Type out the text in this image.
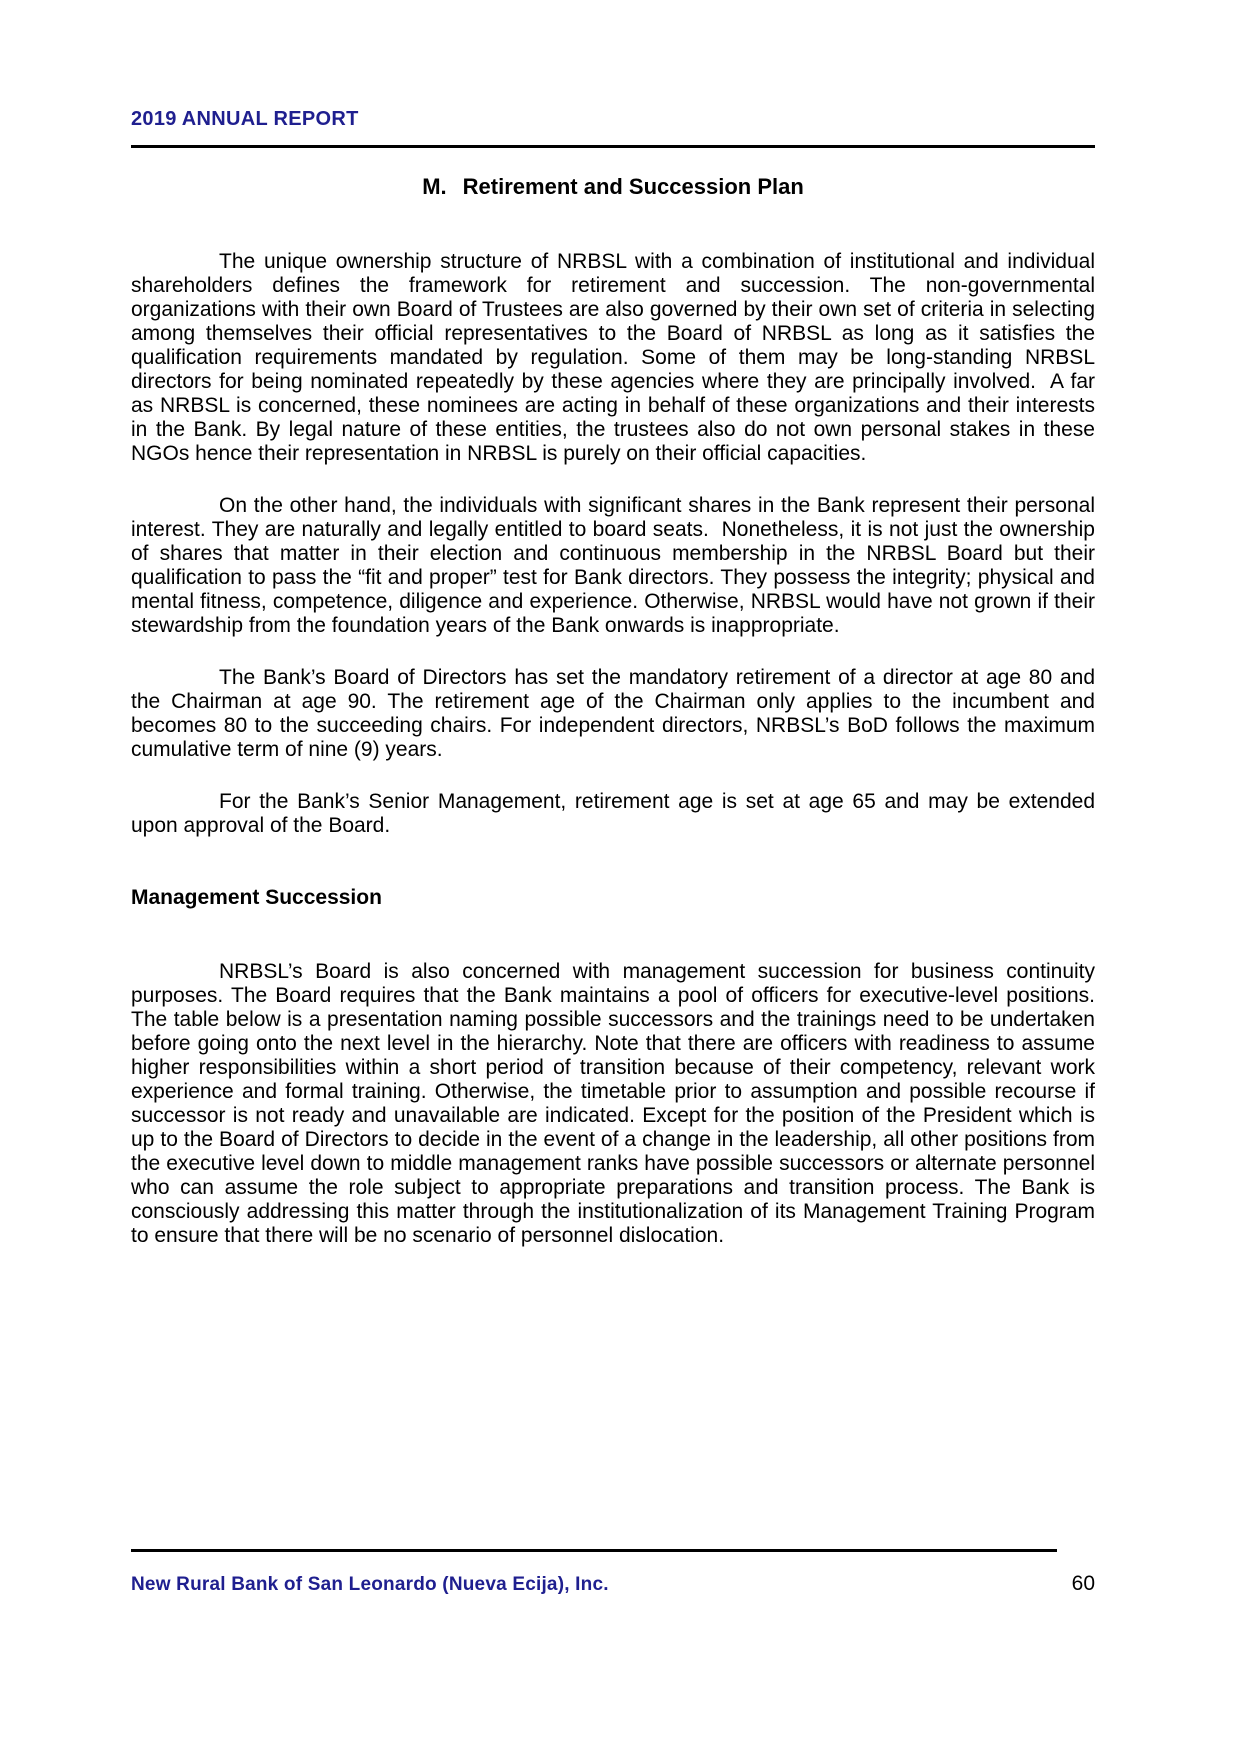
2019 ANNUAL REPORT
M. Retirement and Succession Plan

The unique ownership structure of NRBSL with a combination of institutional and individual shareholders defines the framework for retirement and succession. The non-governmental organizations with their own Board of Trustees are also governed by their own set of criteria in selecting among themselves their official representatives to the Board of NRBSL as long as it satisfies the qualification requirements mandated by regulation. Some of them may be long-standing NRBSL directors for being nominated repeatedly by these agencies where they are principally involved.  A far as NRBSL is concerned, these nominees are acting in behalf of these organizations and their interests in the Bank. By legal nature of these entities, the trustees also do not own personal stakes in these NGOs hence their representation in NRBSL is purely on their official capacities.

On the other hand, the individuals with significant shares in the Bank represent their personal interest. They are naturally and legally entitled to board seats.  Nonetheless, it is not just the ownership of shares that matter in their election and continuous membership in the NRBSL Board but their qualification to pass the “fit and proper” test for Bank directors. They possess the integrity; physical and mental fitness, competence, diligence and experience. Otherwise, NRBSL would have not grown if their stewardship from the foundation years of the Bank onwards is inappropriate.

The Bank’s Board of Directors has set the mandatory retirement of a director at age 80 and the Chairman at age 90. The retirement age of the Chairman only applies to the incumbent and becomes 80 to the succeeding chairs. For independent directors, NRBSL’s BoD follows the maximum cumulative term of nine (9) years.

For the Bank’s Senior Management, retirement age is set at age 65 and may be extended upon approval of the Board.

Management Succession

NRBSL’s Board is also concerned with management succession for business continuity purposes. The Board requires that the Bank maintains a pool of officers for executive-level positions. The table below is a presentation naming possible successors and the trainings need to be undertaken before going onto the next level in the hierarchy. Note that there are officers with readiness to assume higher responsibilities within a short period of transition because of their competency, relevant work experience and formal training. Otherwise, the timetable prior to assumption and possible recourse if successor is not ready and unavailable are indicated. Except for the position of the President which is up to the Board of Directors to decide in the event of a change in the leadership, all other positions from the executive level down to middle management ranks have possible successors or alternate personnel who can assume the role subject to appropriate preparations and transition process. The Bank is consciously addressing this matter through the institutionalization of its Management Training Program to ensure that there will be no scenario of personnel dislocation.

New Rural Bank of San Leonardo (Nueva Ecija), Inc.	60
